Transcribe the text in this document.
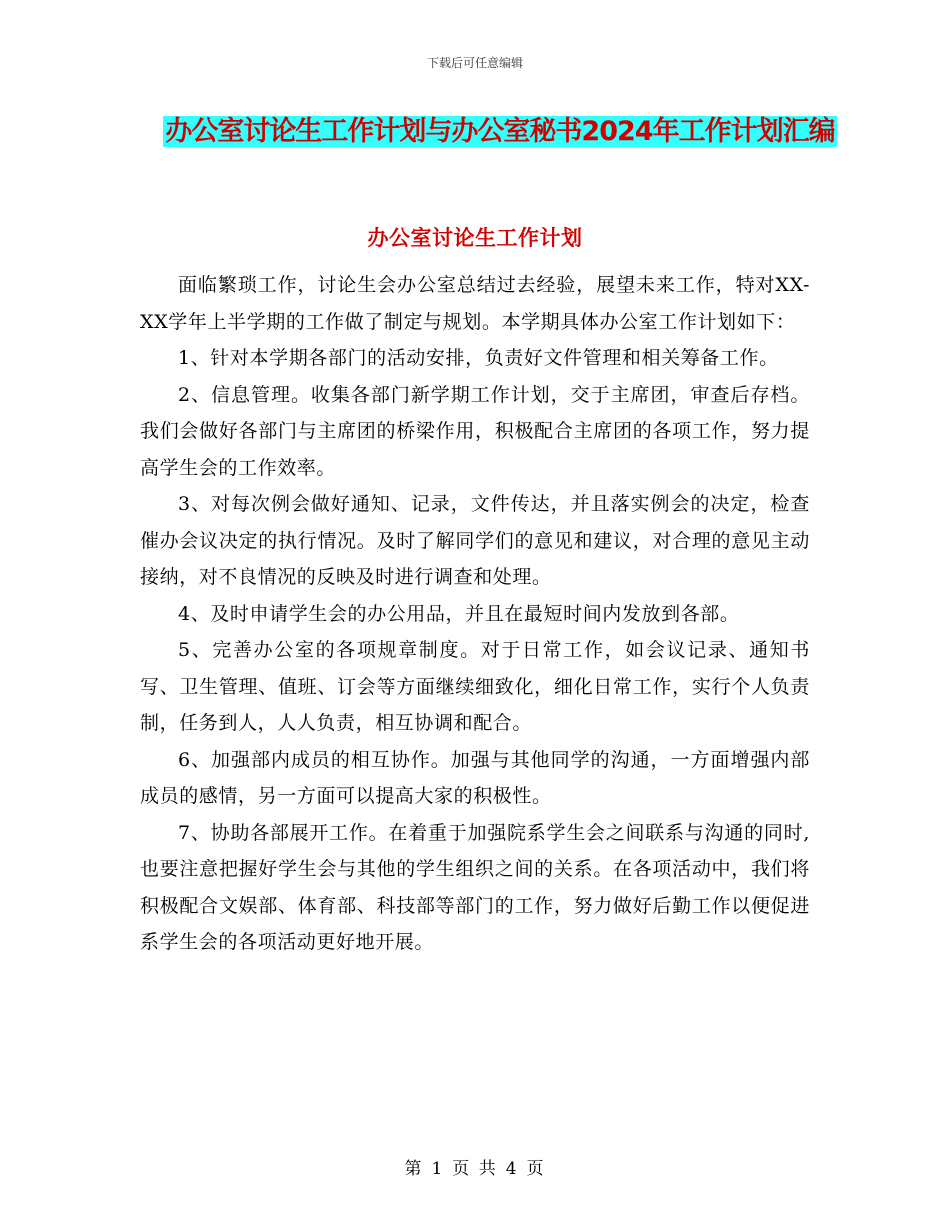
下载后可任意编辑
办公室讨论生工作计划与办公室秘书2024年工作计划汇编
办公室讨论生工作计划

面临繁琐工作，讨论生会办公室总结过去经验，展望未来工作，特对XX-XX学年上半学期的工作做了制定与规划。本学期具体办公室工作计划如下：

1、针对本学期各部门的活动安排，负责好文件管理和相关筹备工作。

2、信息管理。收集各部门新学期工作计划，交于主席团，审查后存档。我们会做好各部门与主席团的桥梁作用，积极配合主席团的各项工作，努力提高学生会的工作效率。

3、对每次例会做好通知、记录，文件传达，并且落实例会的决定，检查催办会议决定的执行情况。及时了解同学们的意见和建议，对合理的意见主动接纳，对不良情况的反映及时进行调查和处理。

4、及时申请学生会的办公用品，并且在最短时间内发放到各部。

5、完善办公室的各项规章制度。对于日常工作，如会议记录、通知书写、卫生管理、值班、订会等方面继续细致化，细化日常工作，实行个人负责制，任务到人，人人负责，相互协调和配合。

6、加强部内成员的相互协作。加强与其他同学的沟通，一方面增强内部成员的感情，另一方面可以提高大家的积极性。

7、协助各部展开工作。在着重于加强院系学生会之间联系与沟通的同时,也要注意把握好学生会与其他的学生组织之间的关系。在各项活动中，我们将积极配合文娱部、体育部、科技部等部门的工作，努力做好后勤工作以便促进系学生会的各项活动更好地开展。

第 1 页 共 4 页
